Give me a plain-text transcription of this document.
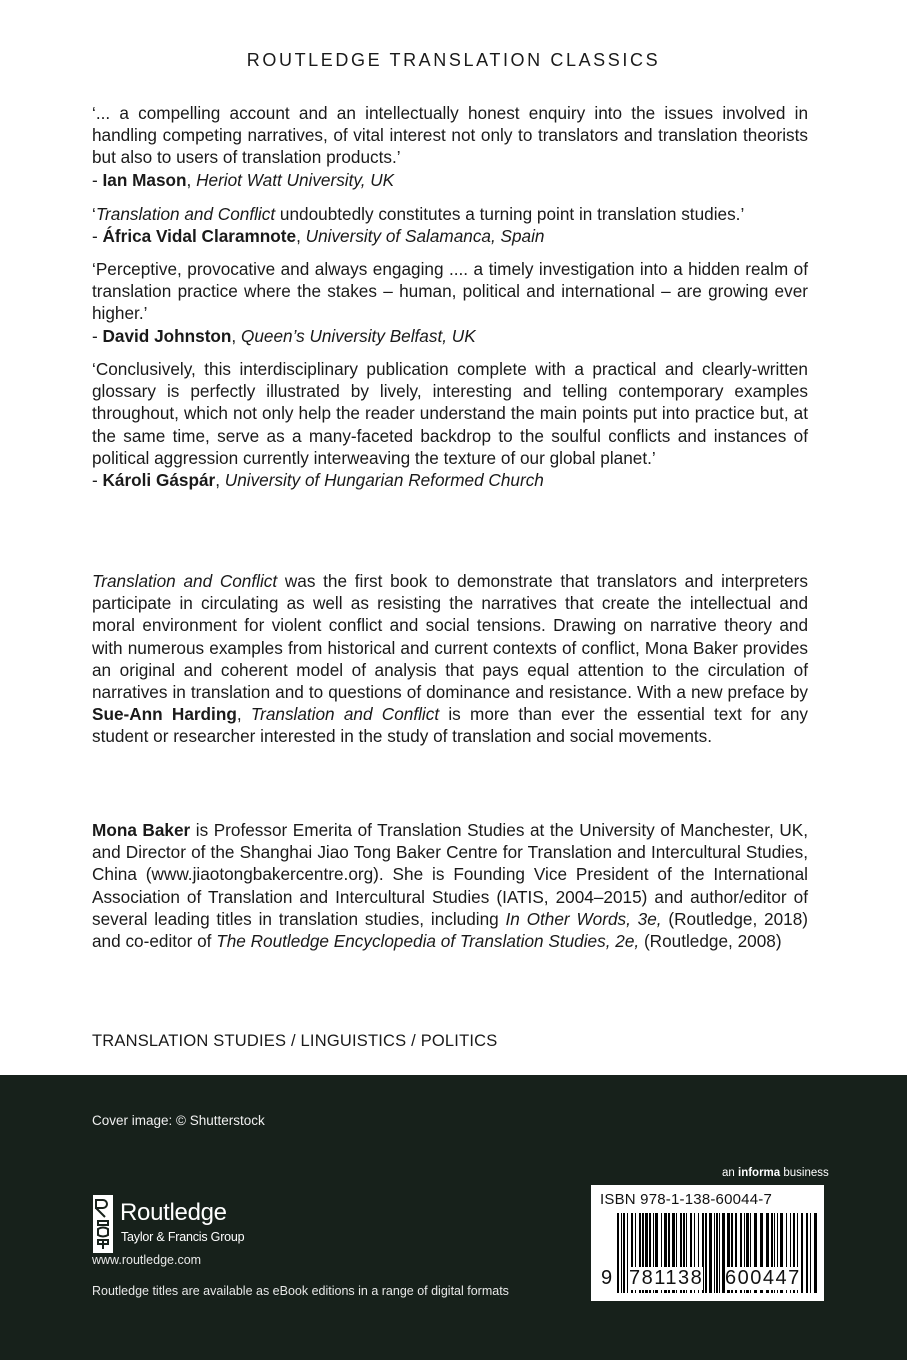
ROUTLEDGE TRANSLATION CLASSICS

‘... a compelling account and an intellectually honest enquiry into the issues involved in handling competing narratives, of vital interest not only to translators and translation theorists but also to users of translation products.’

- Ian Mason, Heriot Watt University, UK

‘Translation and Conflict undoubtedly constitutes a turning point in translation studies.’

- África Vidal Claramnote, University of Salamanca, Spain

‘Perceptive, provocative and always engaging .... a timely investigation into a hidden realm of translation practice where the stakes – human, political and international – are growing ever higher.’

- David Johnston, Queen’s University Belfast, UK

‘Conclusively, this interdisciplinary publication complete with a practical and clearly-written glossary is perfectly illustrated by lively, interesting and telling contemporary examples throughout, which not only help the reader understand the main points put into practice but, at the same time, serve as a many-faceted backdrop to the soulful conflicts and instances of political aggression currently interweaving the texture of our global planet.’

- Károli Gáspár, University of Hungarian Reformed Church

Translation and Conflict was the first book to demonstrate that translators and interpreters participate in circulating as well as resisting the narratives that create the intellectual and moral environment for violent conflict and social tensions. Drawing on narrative theory and with numerous examples from historical and current contexts of conflict, Mona Baker provides an original and coherent model of analysis that pays equal attention to the circulation of narratives in translation and to questions of dominance and resistance. With a new preface by Sue-Ann Harding, Translation and Conflict is more than ever the essential text for any student or researcher interested in the study of translation and social movements.

Mona Baker is Professor Emerita of Translation Studies at the University of Manchester, UK, and Director of the Shanghai Jiao Tong Baker Centre for Translation and Intercultural Studies, China (www.jiaotongbakercentre.org). She is Founding Vice President of the International Association of Translation and Intercultural Studies (IATIS, 2004–2015) and author/editor of several leading titles in translation studies, including In Other Words, 3e, (Routledge, 2018) and co-editor of The Routledge Encyclopedia of Translation Studies, 2e, (Routledge, 2008)

TRANSLATION STUDIES / LINGUISTICS / POLITICS
Cover image: © Shutterstock
Routledge
Taylor & Francis Group
www.routledge.com
Routledge titles are available as eBook editions in a range of digital formats
an informa business
ISBN 978-1-138-60044-7
9 781138 600447
